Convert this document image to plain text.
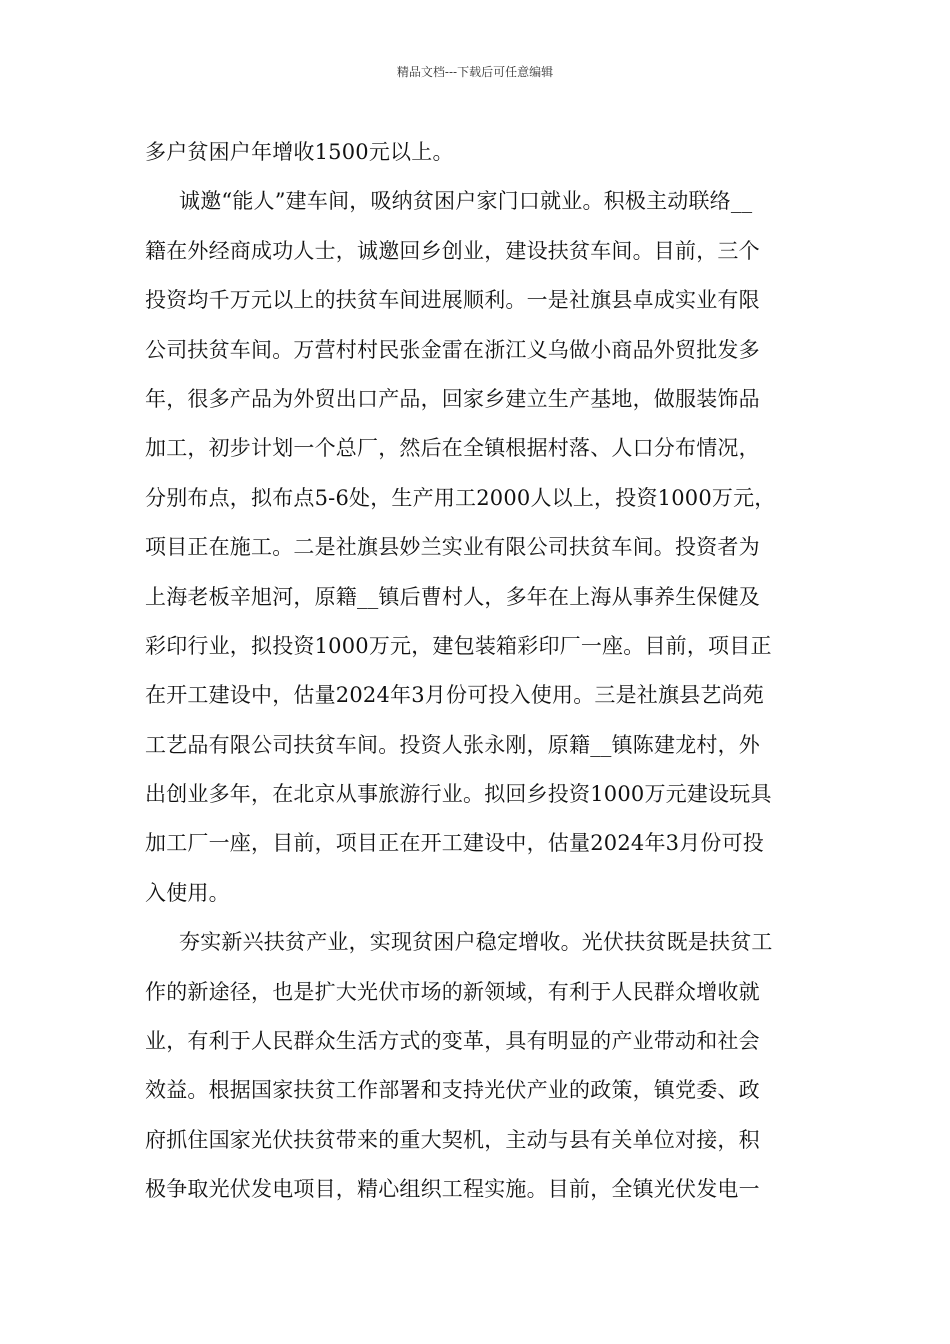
精品文档---下载后可任意编辑
多户贫困户年增收1500元以上。
诚邀“能人”建车间，吸纳贫困户家门口就业。积极主动联络__
籍在外经商成功人士，诚邀回乡创业，建设扶贫车间。目前，三个
投资均千万元以上的扶贫车间进展顺利。一是社旗县卓成实业有限
公司扶贫车间。万营村村民张金雷在浙江义乌做小商品外贸批发多
年，很多产品为外贸出口产品，回家乡建立生产基地，做服装饰品
加工，初步计划一个总厂，然后在全镇根据村落、人口分布情况，
分别布点，拟布点5-6处，生产用工2000人以上，投资1000万元，
项目正在施工。二是社旗县妙兰实业有限公司扶贫车间。投资者为
上海老板辛旭河，原籍__镇后曹村人，多年在上海从事养生保健及
彩印行业，拟投资1000万元，建包装箱彩印厂一座。目前，项目正
在开工建设中，估量2024年3月份可投入使用。三是社旗县艺尚苑
工艺品有限公司扶贫车间。投资人张永刚，原籍__镇陈建龙村，外
出创业多年，在北京从事旅游行业。拟回乡投资1000万元建设玩具
加工厂一座，目前，项目正在开工建设中，估量2024年3月份可投
入使用。
夯实新兴扶贫产业，实现贫困户稳定增收。光伏扶贫既是扶贫工
作的新途径，也是扩大光伏市场的新领域，有利于人民群众增收就
业，有利于人民群众生活方式的变革，具有明显的产业带动和社会
效益。根据国家扶贫工作部署和支持光伏产业的政策，镇党委、政
府抓住国家光伏扶贫带来的重大契机，主动与县有关单位对接，积
极争取光伏发电项目，精心组织工程实施。目前，全镇光伏发电一
